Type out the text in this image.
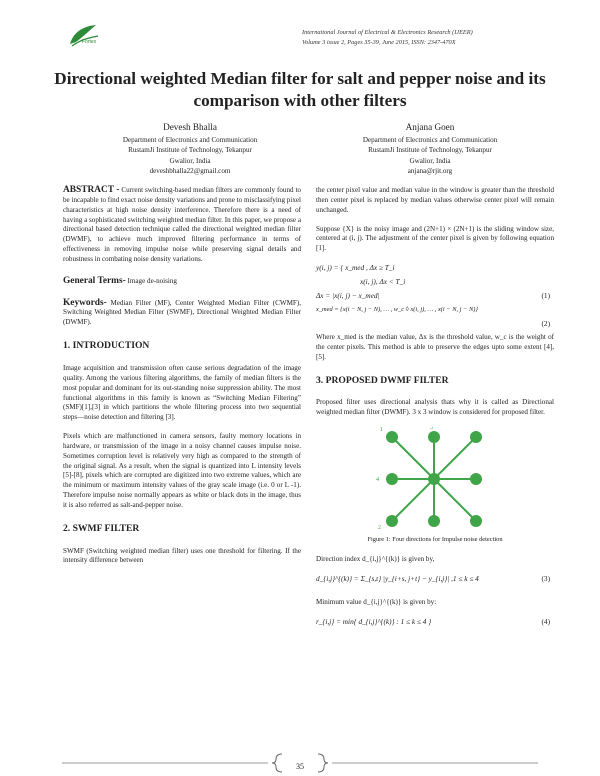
Fortex
International Journal of Electrical & Electronics Research (IJEER)
Volume 3 issue 2, Pages 35-39, June 2015, ISSN: 2347-470X
Directional weighted Median filter for salt and pepper noise and its comparison with other filters
Devesh Bhalla
Department of Electronics and Communication
RustamJi Institute of Technology, Tekanpur
Gwalior, India
deveshbhalla22@gmail.com
Anjana Goen
Department of Electronics and Communication
RustamJi Institute of Technology, Tekanpur
Gwalior, India
anjana@rjit.org

ABSTRACT - Current switching-based median filters are commonly found to be incapable to find exact noise density variations and prone to misclassifying pixel characteristics at high noise density interference. Therefore there is a need of having a sophisticated switching weighted median filter. In this paper, we propose a directional based detection technique called the directional weighted median filter (DWMF), to achieve much improved filtering performance in terms of effectiveness in removing impulse noise while preserving signal details and robustness in combating noise density variations.

General Terms- Image de-noising

Keywords- Median Filter (MF), Center Weighted Median Filter (CWMF), Switching Weighted Median Filter (SWMF), Directional Weighted Median Filter (DWMF).

1. INTRODUCTION

Image acquisition and transmission often cause serious degradation of the image quality. Among the various filtering algorithms, the family of median filters is the most popular and dominant for its out-standing noise suppression ability. The most functional algorithms in this family is known as “Switching Median Filtering” (SMF)[1],[3] in which partitions the whole filtering process into two sequential steps—noise detection and filtering [3].

Pixels which are malfunctioned in camera sensors, faulty memory locations in hardware, or transmission of the image in a noisy channel causes impulse noise. Sometimes corruption level is relatively very high as compared to the strength of the original signal. As a result, when the signal is quantized into L intensity levels [5]-[8], pixels which are corrupted are digitized into two extreme values, which are the minimum or maximum intensity values of the gray scale image (i.e. 0 or L -1). Therefore impulse noise normally appears as white or black dots in the image, thus it is also referred as salt-and-pepper noise.

2. SWMF FILTER

SWMF (Switching weighted median filter) uses one threshold for filtering. If the intensity difference between

the center pixel value and median value in the window is greater than the threshold then center pixel is replaced by median values otherwise center pixel will remain unchanged.

Suppose {X} is the noisy image and (2N+1) × (2N+1) is the sliding window size, centered at (i, j). The adjustment of the center pixel is given by following equation [1].

y(i, j) = { x_med , Δx ≥ T_i
x(i, j), Δx < T_i
Δx = |x(i, j) − x_med|	(1)
x_med = {x(i − N, j − N), … , w_c ◊ x(i, j), … , x(i − N, j − N)}
(2)

Where x_med is the median value, Δx is the threshold value, w_c is the weight of the center pixels. This method is able to preserve the edges upto some extent [4],[5].

3. PROPOSED DWMF FILTER

Proposed filter uses directional analysis thats why it is called as Directional weighted median filter (DWMF). 3 x 3 window is considered for proposed filter.

1	3
4
2
Figure 1: Four directions for Impulse noise detection

Direction index d_{i,j}^{(k)} is given by,

d_{i,j}^{(k)} = Σ_{s,t} |y_{i+s, j+t} − y_{i,j}| ,1 ≤ k ≤ 4	(3)

Minimum value d_{i,j}^{(k)} is given by:

r_{i,j} = min{ d_{i,j}^{(k)} : 1 ≤ k ≤ 4 }	(4)
35
